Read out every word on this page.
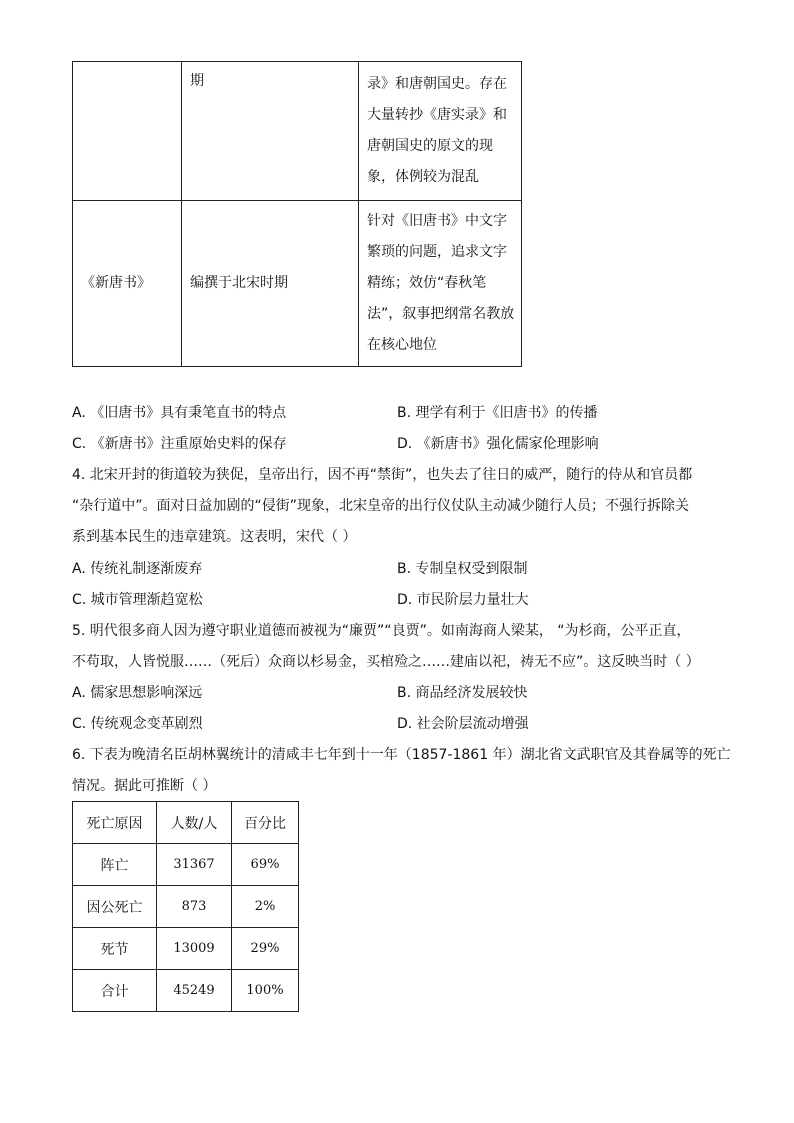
	期	录》和唐朝国史。存在
大量转抄《唐实录》和
唐朝国史的原文的现
象，体例较为混乱

《新唐书》	编撰于北宋时期	针对《旧唐书》中文字
繁琐的问题，追求文字
精练；效仿“春秋笔
法”，叙事把纲常名教放
在核心地位
A. 《旧唐书》具有秉笔直书的特点	B. 理学有利于《旧唐书》的传播
C. 《新唐书》注重原始史料的保存	D. 《新唐书》强化儒家伦理影响
4. 北宋开封的街道较为狭促，皇帝出行，因不再“禁街”，也失去了往日的威严，随行的侍从和官员都
“杂行道中”。面对日益加剧的“侵街”现象，北宋皇帝的出行仪仗队主动减少随行人员；不强行拆除关
系到基本民生的违章建筑。这表明，宋代（ ）
A. 传统礼制逐渐废弃	B. 专制皇权受到限制
C. 城市管理渐趋宽松	D. 市民阶层力量壮大
5. 明代很多商人因为遵守职业道德而被视为“廉贾”“良贾”。如南海商人梁某， “为杉商，公平正直，
不苟取，人皆悦服……（死后）众商以杉易金，买棺殓之……建庙以祀，祷无不应”。这反映当时（ ）
A. 儒家思想影响深远	B. 商品经济发展较快
C. 传统观念变革剧烈	D. 社会阶层流动增强
6. 下表为晚清名臣胡林翼统计的清咸丰七年到十一年（1857-1861 年）湖北省文武职官及其眷属等的死亡
情况。据此可推断（ ）
死亡原因	人数/人	百分比
阵亡	31367	69%
因公死亡	873	2%
死节	13009	29%
合计	45249	100%
